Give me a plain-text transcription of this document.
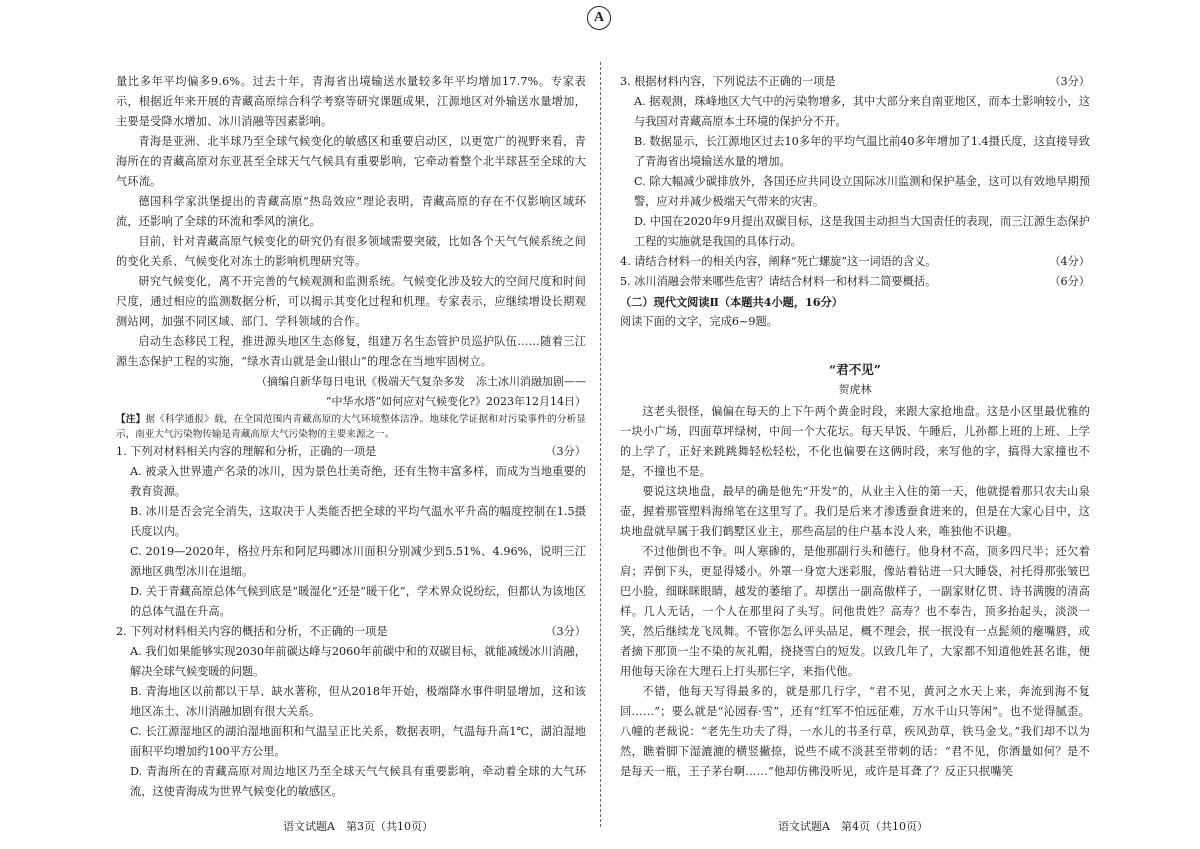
A

量比多年平均偏多9.6%。过去十年，青海省出境输送水量较多年平均增加17.7%。专家表示，根据近年来开展的青藏高原综合科学考察等研究课题成果，江源地区对外输送水量增加，主要是受降水增加、冰川消融等因素影响。

青海是亚洲、北半球乃至全球气候变化的敏感区和重要启动区，以更宽广的视野来看，青海所在的青藏高原对东亚甚至全球天气气候具有重要影响，它牵动着整个北半球甚至全球的大气环流。

德国科学家洪堡提出的青藏高原“热岛效应”理论表明，青藏高原的存在不仅影响区域环流，还影响了全球的环流和季风的演化。

目前，针对青藏高原气候变化的研究仍有很多领域需要突破，比如各个天气气候系统之间的变化关系、气候变化对冻土的影响机理研究等。

研究气候变化，离不开完善的气候观测和监测系统。气候变化涉及较大的空间尺度和时间尺度，通过相应的监测数据分析，可以揭示其变化过程和机理。专家表示，应继续增设长期观测站网，加强不同区域、部门、学科领域的合作。

启动生态移民工程，推进源头地区生态修复，组建万名生态管护员巡护队伍……随着三江源生态保护工程的实施，“绿水青山就是金山银山”的理念在当地牢固树立。

（摘编自新华每日电讯《极端天气复杂多发　冻土冰川消融加剧——

“中华水塔”如何应对气候变化?》2023年12月14日）

【注】据《科学通报》载，在全国范围内青藏高原的大气环境整体洁净。地球化学证据和对污染事件的分析显示，南亚大气污染物传输是青藏高原大气污染物的主要来源之一。

1. 下列对材料相关内容的理解和分析，正确的一项是	（3分）

A. 被录入世界遗产名录的冰川，因为景色壮美奇绝，还有生物丰富多样，而成为当地重要的教育资源。

B. 冰川是否会完全消失，这取决于人类能否把全球的平均气温水平升高的幅度控制在1.5摄氏度以内。

C. 2019—2020年，格拉丹东和阿尼玛卿冰川面积分别减少到5.51%、4.96%，说明三江源地区典型冰川在退缩。

D. 关于青藏高原总体气候到底是“暖湿化”还是“暖干化”，学术界众说纷纭，但都认为该地区的总体气温在升高。

2. 下列对材料相关内容的概括和分析，不正确的一项是	（3分）

A. 我们如果能够实现2030年前碳达峰与2060年前碳中和的双碳目标，就能减缓冰川消融，解决全球气候变暖的问题。

B. 青海地区以前都以干旱、缺水著称，但从2018年开始，极端降水事件明显增加，这和该地区冻土、冰川消融加剧有很大关系。

C. 长江源湿地区的湖泊湿地面积和气温呈正比关系，数据表明，气温每升高1℃，湖泊湿地面积平均增加约100平方公里。

D. 青海所在的青藏高原对周边地区乃至全球天气气候具有重要影响，牵动着全球的大气环流，这使青海成为世界气候变化的敏感区。

3. 根据材料内容，下列说法不正确的一项是	（3分）

A. 据观测，珠峰地区大气中的污染物增多，其中大部分来自南亚地区，而本土影响较小，这与我国对青藏高原本土环境的保护分不开。

B. 数据显示，长江源地区过去10多年的平均气温比前40多年增加了1.4摄氏度，这直接导致了青海省出境输送水量的增加。

C. 除大幅减少碳排放外，各国还应共同设立国际冰川监测和保护基金，这可以有效地早期预警，应对并减少极端天气带来的灾害。

D. 中国在2020年9月提出双碳目标，这是我国主动担当大国责任的表现，而三江源生态保护工程的实施就是我国的具体行动。

4. 请结合材料一的相关内容，阐释“死亡螺旋”这一词语的含义。	（4分）
5. 冰川消融会带来哪些危害？请结合材料一和材料二简要概括。	（6分）

（二）现代文阅读Ⅱ（本题共4小题，16分）

阅读下面的文字，完成6~9题。

“君不见”

贺虎林

这老头很怪，偏偏在每天的上下午两个黄金时段，来跟大家抢地盘。这是小区里最优雅的一块小广场，四面草坪绿树，中间一个大花坛。每天早饭、午睡后，儿孙都上班的上班、上学的上学了，正好来跳跳舞轻松轻松，不化也偏要在这俩时段，来写他的字，搞得大家撞也不是，不撞也不是。

要说这块地盘，最早的确是他先“开发”的，从业主入住的第一天，他就提着那只农夫山泉壶，握着那管塑料海绵笔在这里写了。我们是后来才渗透蚕食进来的，但是在大家心目中，这块地盘就早属于我们鹤墅区业主，那些高层的住户基本没人来，唯独他不识趣。

不过他倒也不争。叫人寒碜的，是他那副行头和德行。他身材不高，顶多四尺半；还欠着肩；弄倒下头，更显得矮小。外罩一身宽大迷彩服，像站着钻进一只大睡袋，衬托得那张皱巴巴小脸，细眯眯眼睛，越发的萎缩了。却摆出一副高傲样子，一副家财亿贯、诗书满腹的清高样。几人无话，一个人在那里闷了头写。问他贵姓？高寿？也不奉告，顶多抬起头，淡淡一笑，然后继续龙飞凤舞。不管你怎么评头品足，概不理会，抿一抿没有一点髭须的瘪嘴唇，或者摘下那顶一尘不染的灰礼帽，挠挠雪白的短发。以致几年了，大家都不知道他姓甚名谁，便用他每天涂在大理石上打头那仨字，来指代他。

不错，他每天写得最多的，就是那几行字，“君不见，黄河之水天上来，奔流到海不复回……”；要么就是“沁园春·雪”，还有“红军不怕远征难，万水千山只等闲”。也不觉得腻歪。八幢的老裁说：“老先生功夫了得，一水儿的书圣行草，疾风劲草，铁马金戈。”我们却不以为然，瞧着脚下湿漉漉的横竖撇捺，说些不咸不淡甚至带刺的话：“君不见，你酒量如何？是不是每天一瓶，王子茅台啊……”他却仿佛没听见，或许是耳聋了？反正只抿嘴笑

语文试题A　第3页（共10页）	语文试题A　第4页（共10页）
